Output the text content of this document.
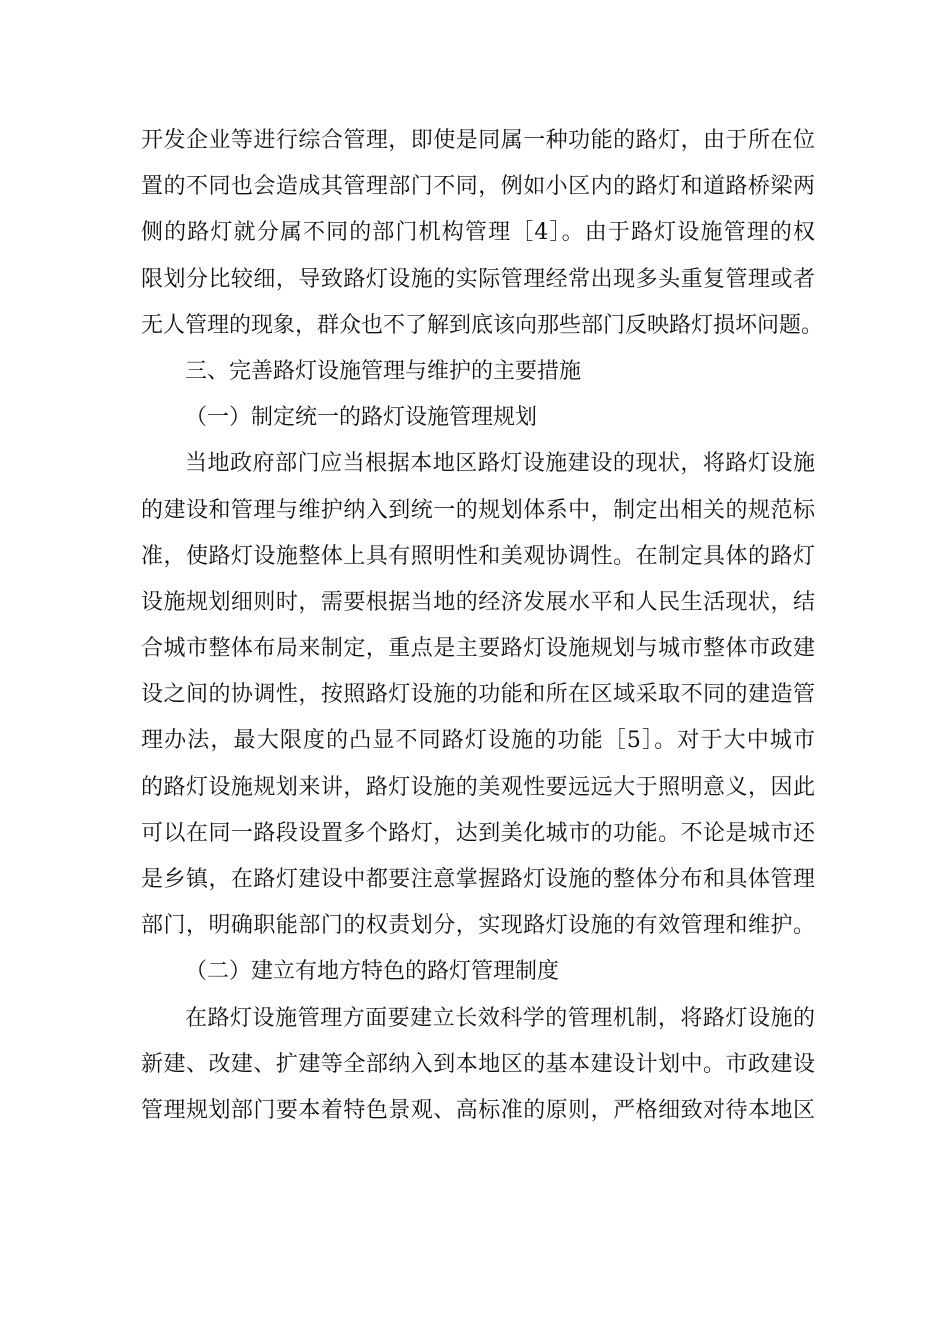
开发企业等进行综合管理，即使是同属一种功能的路灯，由于所在位
置的不同也会造成其管理部门不同，例如小区内的路灯和道路桥梁两
侧的路灯就分属不同的部门机构管理［4］。由于路灯设施管理的权
限划分比较细，导致路灯设施的实际管理经常出现多头重复管理或者
无人管理的现象，群众也不了解到底该向那些部门反映路灯损坏问题。
三、完善路灯设施管理与维护的主要措施
（一）制定统一的路灯设施管理规划
当地政府部门应当根据本地区路灯设施建设的现状，将路灯设施
的建设和管理与维护纳入到统一的规划体系中，制定出相关的规范标
准，使路灯设施整体上具有照明性和美观协调性。在制定具体的路灯
设施规划细则时，需要根据当地的经济发展水平和人民生活现状，结
合城市整体布局来制定，重点是主要路灯设施规划与城市整体市政建
设之间的协调性，按照路灯设施的功能和所在区域采取不同的建造管
理办法，最大限度的凸显不同路灯设施的功能［5］。对于大中城市
的路灯设施规划来讲，路灯设施的美观性要远远大于照明意义，因此
可以在同一路段设置多个路灯，达到美化城市的功能。不论是城市还
是乡镇，在路灯建设中都要注意掌握路灯设施的整体分布和具体管理
部门，明确职能部门的权责划分，实现路灯设施的有效管理和维护。
（二）建立有地方特色的路灯管理制度
在路灯设施管理方面要建立长效科学的管理机制，将路灯设施的
新建、改建、扩建等全部纳入到本地区的基本建设计划中。市政建设
管理规划部门要本着特色景观、高标准的原则，严格细致对待本地区
